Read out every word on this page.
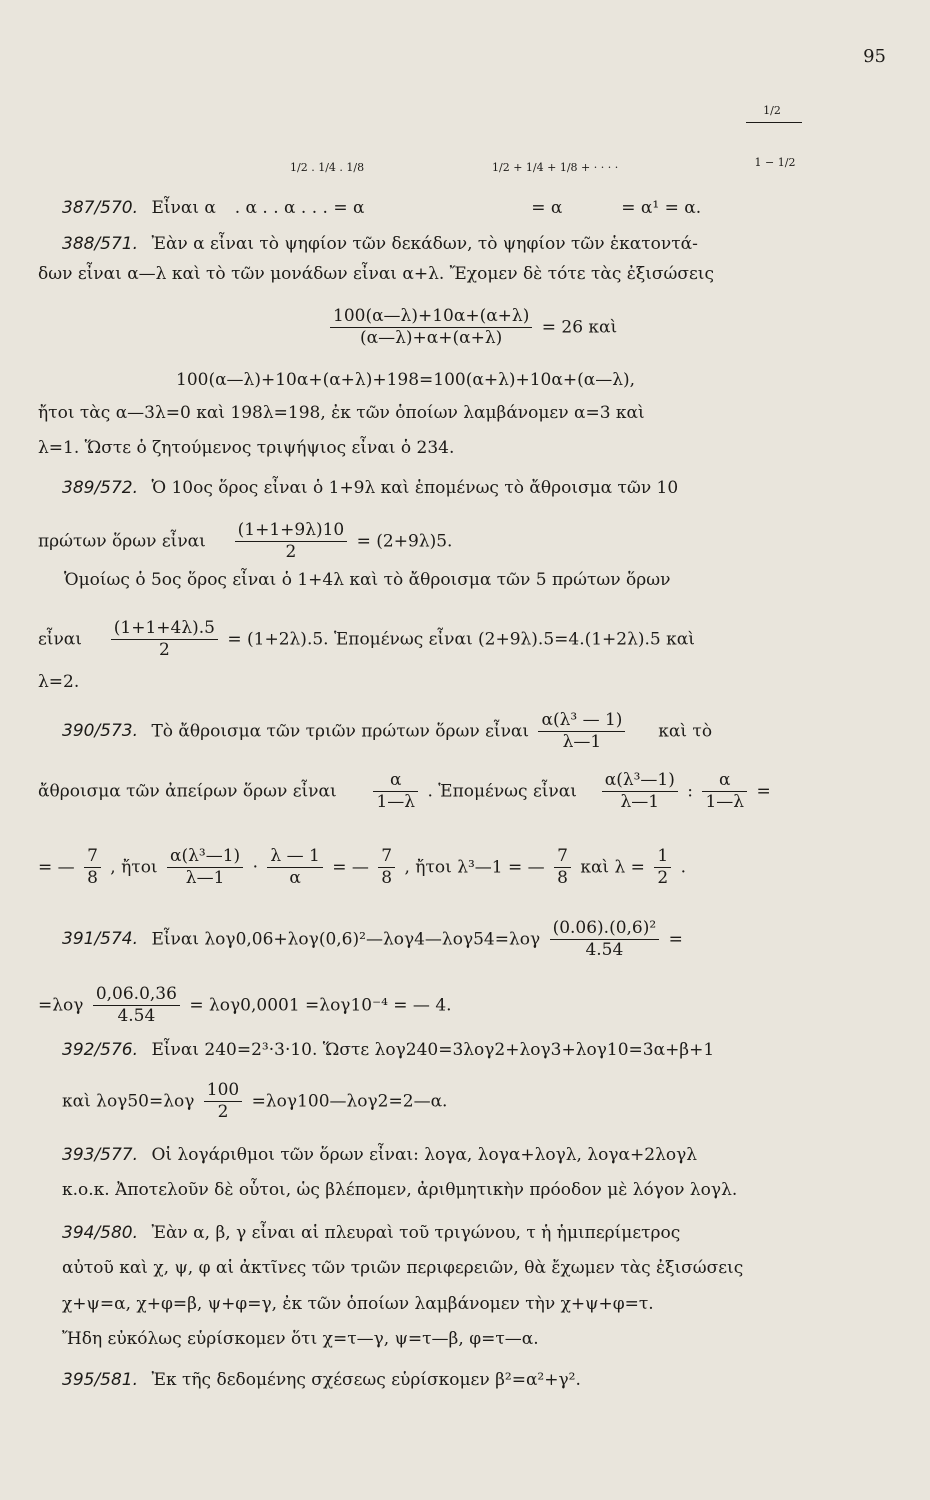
95
1/2 . 1/4 . 1/8	1/2 + 1/4 + 1/8 + · · · ·
1/2
1 − 1/2
387/570. Εἶναι α . α . . α . . . = α	= α	= α¹ = α.
388/571. Ἐὰν α εἶναι τὸ ψηφίον τῶν δεκάδων, τὸ ψηφίον τῶν ἑκατοντά-
δων εἶναι α—λ καὶ τὸ τῶν μονάδων εἶναι α+λ. Ἔχομεν δὲ τότε τὰς ἐξισώσεις
$\frac{100(\alpha—\lambda)+10\alpha+(\alpha+\lambda)}{(\alpha—\lambda)+\alpha+(\alpha+\lambda)} = 26$ καὶ
100(α—λ)+10α+(α+λ)+198=100(α+λ)+10α+(α—λ),
ἤτοι τὰς α—3λ=0 καὶ 198λ=198, ἐκ τῶν ὁποίων λαμβάνομεν α=3 καὶ
λ=1. Ὥστε ὁ ζητούμενος τριψήψιος εἶναι ὁ 234.
389/572. Ὁ 10ος ὅρος εἶναι ὁ 1+9λ καὶ ἑπομένως τὸ ἄθροισμα τῶν 10
πρώτων ὅρων εἶναι $\frac{(1+1+9\lambda)10}{2} = (2+9\lambda)5$.
Ὁμοίως ὁ 5ος ὅρος εἶναι ὁ 1+4λ καὶ τὸ ἄθροισμα τῶν 5 πρώτων ὅρων
εἶναι $\frac{(1+1+4\lambda).5}{2} = (1+2\lambda).5$. Ἑπομένως εἶναι (2+9λ).5=4.(1+2λ).5 καὶ
λ=2.
390/573. Τὸ ἄθροισμα τῶν τριῶν πρώτων ὅρων εἶναι $\frac{\text{α(λ³ — 1)}}{\lambda—1}$ καὶ τὸ
ἄθροισμα τῶν ἀπείρων ὅρων εἶναι $\frac{\alpha}{1—\lambda}$ . Ἑπομένως εἶναι $\frac{\text{α(λ³—1)}}{\lambda—1}$ : $\frac{\alpha}{1—\lambda}$ =
= — $\frac{7}{8}$ , ἤτοι $\frac{\text{α(λ³—1)}}{\lambda—1} \cdot \frac{\lambda — 1}{\alpha}$ = — $\frac{7}{8}$ , ἤτοι λ³—1 = — $\frac{7}{8}$ καὶ $\lambda = \frac{1}{2}$ .
391/574. Εἶναι λογ0,06+λογ(0,6)²—λογ4—λογ54=λογ $\frac{\text{(0.06).(0,6)²}}{4.54}$ =
$=\lambda o\gamma \frac{0,06.0,36}{4.54} = \lambda o\gamma 0,0001 =\lambda o\gamma 10^{-4}$ = — 4.
392/576. Εἶναι 240=2³·3·10. Ὥστε λογ240=3λογ2+λογ3+λογ10=3α+β+1
καὶ $\lambda o\gamma 50=\lambda o\gamma \frac{100}{2}$ =λογ100—λογ2=2—α.
393/577. Οἱ λογάριθμοι τῶν ὅρων εἶναι: λογα, λογα+λογλ, λογα+2λογλ
κ.ο.κ. Ἀποτελοῦν δὲ οὗτοι, ὡς βλέπομεν, ἀριθμητικὴν πρόοδον μὲ λόγον λογλ.
394/580. Ἐὰν α, β, γ εἶναι αἱ πλευραὶ τοῦ τριγώνου, τ ἡ ἡμιπερίμετρος
αὐτοῦ καὶ χ, ψ, φ αἱ ἀκτῖνες τῶν τριῶν περιφερειῶν, θὰ ἔχωμεν τὰς ἐξισώσεις
χ+ψ=α, χ+φ=β, ψ+φ=γ, ἐκ τῶν ὁποίων λαμβάνομεν τὴν χ+ψ+φ=τ.
Ἤδη εὐκόλως εὑρίσκομεν ὅτι χ=τ—γ, ψ=τ—β, φ=τ—α.
395/581. Ἐκ τῆς δεδομένης σχέσεως εὑρίσκομεν β²=α²+γ².
